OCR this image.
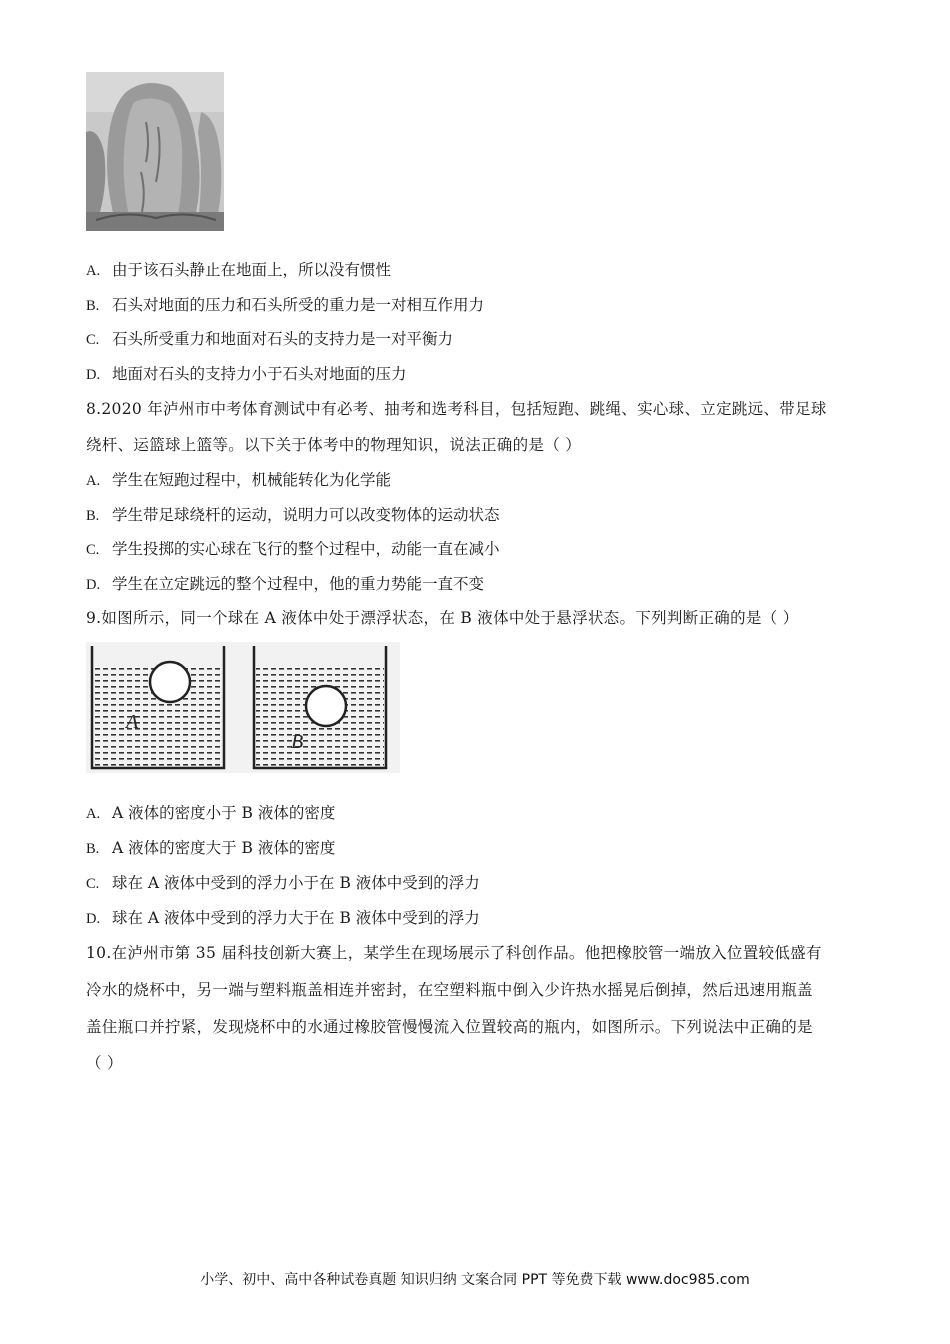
A. 由于该石头静止在地面上，所以没有惯性
B. 石头对地面的压力和石头所受的重力是一对相互作用力
C. 石头所受重力和地面对石头的支持力是一对平衡力
D. 地面对石头的支持力小于石头对地面的压力
8.2020 年泸州市中考体育测试中有必考、抽考和选考科目，包括短跑、跳绳、实心球、立定跳远、带足球
绕杆、运篮球上篮等。以下关于体考中的物理知识，说法正确的是（ ）
A. 学生在短跑过程中，机械能转化为化学能
B. 学生带足球绕杆的运动，说明力可以改变物体的运动状态
C. 学生投掷的实心球在飞行的整个过程中，动能一直在减小
D. 学生在立定跳远的整个过程中，他的重力势能一直不变
9.如图所示，同一个球在 A 液体中处于漂浮状态，在 B 液体中处于悬浮状态。下列判断正确的是（ ）
A
B
A. A 液体的密度小于 B 液体的密度
B. A 液体的密度大于 B 液体的密度
C. 球在 A 液体中受到的浮力小于在 B 液体中受到的浮力
D. 球在 A 液体中受到的浮力大于在 B 液体中受到的浮力
10.在泸州市第 35 届科技创新大赛上，某学生在现场展示了科创作品。他把橡胶管一端放入位置较低盛有
冷水的烧杯中，另一端与塑料瓶盖相连并密封，在空塑料瓶中倒入少许热水摇晃后倒掉，然后迅速用瓶盖
盖住瓶口并拧紧，发现烧杯中的水通过橡胶管慢慢流入位置较高的瓶内，如图所示。下列说法中正确的是
（ ）
小学、初中、高中各种试卷真题 知识归纳 文案合同 PPT 等免费下载 www.doc985.com
